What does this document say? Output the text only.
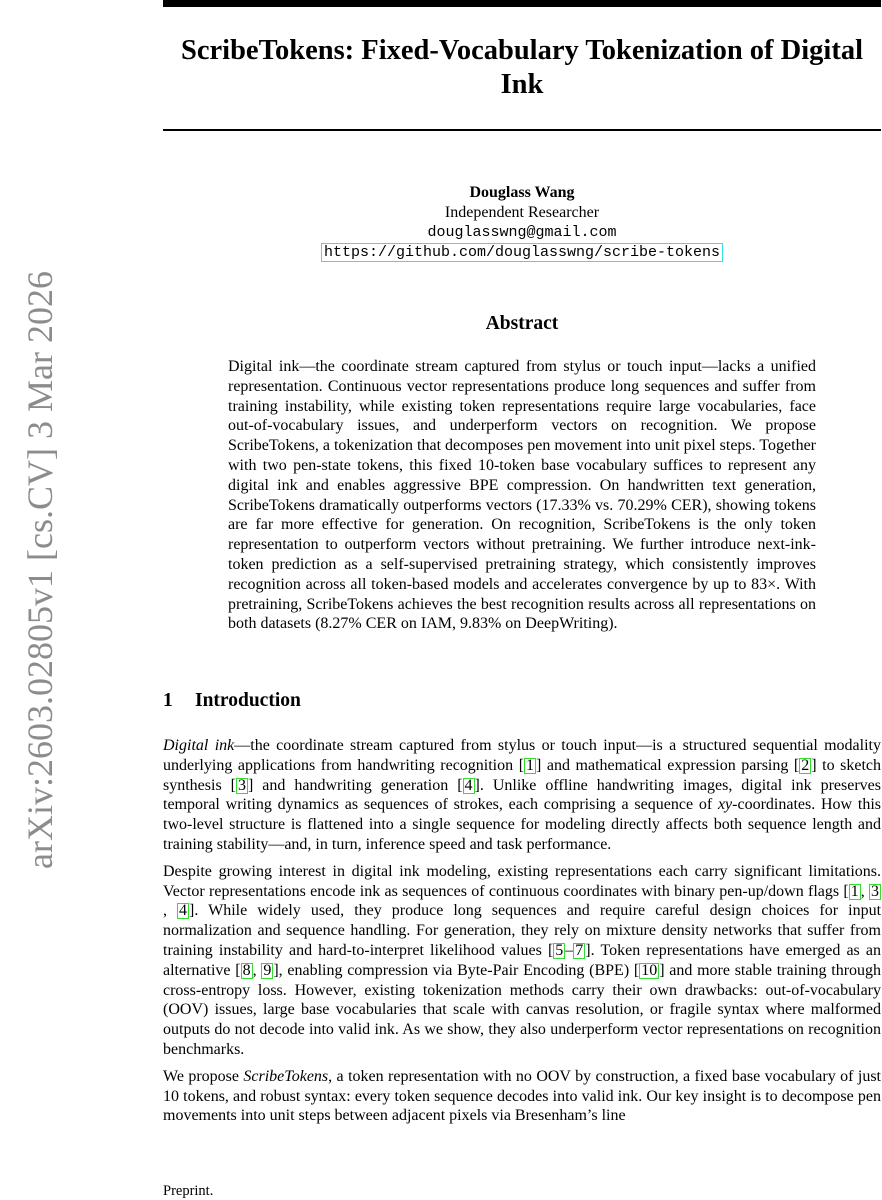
arXiv:2603.02805v1 [cs.CV] 3 Mar 2026
ScribeTokens: Fixed-Vocabulary Tokenization of Digital Ink
Douglass Wang
Independent Researcher
douglasswng@gmail.com
https://github.com/douglasswng/scribe-tokens
Abstract
Digital ink—the coordinate stream captured from stylus or touch input—lacks a unified representation. Continuous vector representations produce long sequences and suffer from training instability, while existing token representations require large vocabularies, face out-of-vocabulary issues, and underperform vectors on recognition. We propose ScribeTokens, a tokenization that decomposes pen movement into unit pixel steps. Together with two pen-state tokens, this fixed 10-token base vocabulary suffices to represent any digital ink and enables aggressive BPE compression. On handwritten text generation, ScribeTokens dramatically outperforms vectors (17.33% vs. 70.29% CER), showing tokens are far more effective for generation. On recognition, ScribeTokens is the only token representation to outperform vectors without pretraining. We further introduce next-ink-token prediction as a self-supervised pretraining strategy, which consistently improves recognition across all token-based models and accelerates convergence by up to 83×. With pretraining, ScribeTokens achieves the best recognition results across all representations on both datasets (8.27% CER on IAM, 9.83% on DeepWriting).
1 Introduction

Digital ink—the coordinate stream captured from stylus or touch input—is a structured sequential modality underlying applications from handwriting recognition [ 1 ] and mathematical expression parsing [ 2 ] to sketch synthesis [ 3 ] and handwriting generation [ 4 ]. Unlike offline handwriting images, digital ink preserves temporal writing dynamics as sequences of strokes, each comprising a sequence of xy-coordinates. How this two-level structure is flattened into a single sequence for modeling directly affects both sequence length and training stability—and, in turn, inference speed and task performance.

Despite growing interest in digital ink modeling, existing representations each carry significant limitations. Vector representations encode ink as sequences of continuous coordinates with binary pen-up/down flags [ 1 , 3, 4 ]. While widely used, they produce long sequences and require careful design choices for input normalization and sequence handling. For generation, they rely on mixture density networks that suffer from training instability and hard-to-interpret likelihood values [ 5 – 7 ]. Token representations have emerged as an alternative [ 8 , 9 ], enabling compression via Byte-Pair Encoding (BPE) [ 10 ] and more stable training through cross-entropy loss. However, existing tokenization methods carry their own drawbacks: out-of-vocabulary (OOV) issues, large base vocabularies that scale with canvas resolution, or fragile syntax where malformed outputs do not decode into valid ink. As we show, they also underperform vector representations on recognition benchmarks.

We propose ScribeTokens, a token representation with no OOV by construction, a fixed base vocabulary of just 10 tokens, and robust syntax: every token sequence decodes into valid ink. Our key insight is to decompose pen movements into unit steps between adjacent pixels via Bresenham’s line

Preprint.
